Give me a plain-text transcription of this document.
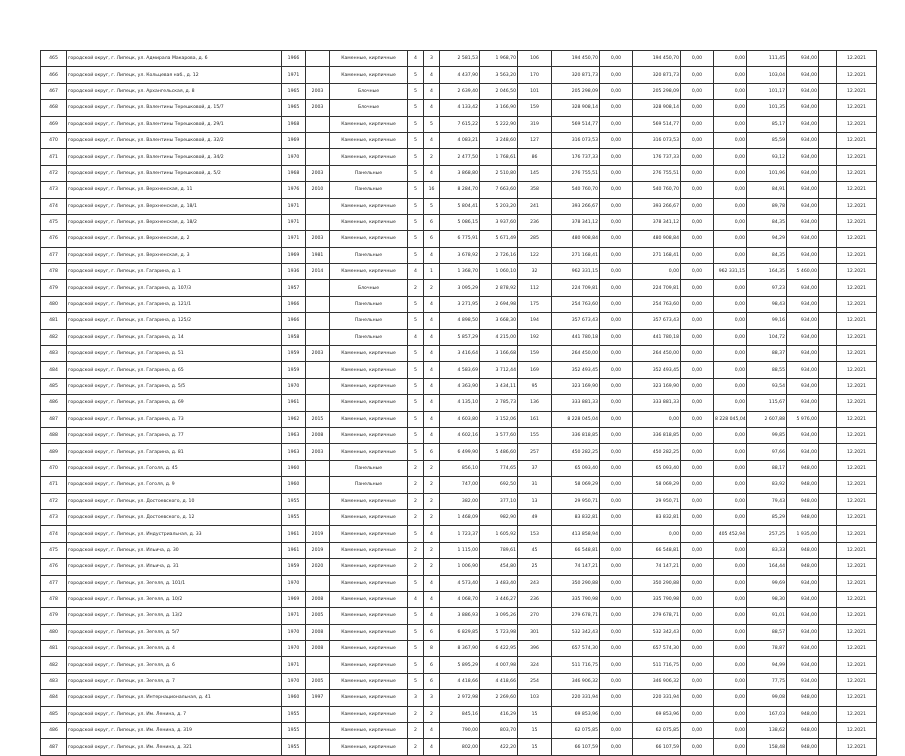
465	городской округ, г. Липецк, ул. Адмирала Макарова, д. 6	1966		Каменные, кирпичные	4	3	2 581,53	1 968,70	106	194 450,70	0,00	194 450,70	0,00	0,00	111,45	934,00		12.2021
466	городской округ, г. Липецк, ул. Кольцевая наб., д. 12	1971		Каменные, кирпичные	5	4	4 437,90	3 563,20	170	320 871,73	0,00	320 871,73	0,00	0,00	103,04	934,00		12.2021
467	городской округ, г. Липецк, ул. Архангельская, д. 8	1965	2003	Блочные	5	4	2 639,40	2 046,50	101	205 298,09	0,00	205 298,09	0,00	0,00	101,17	934,00		12.2021
468	городской округ, г. Липецк, ул. Валентины Терешковой, д. 15/7	1965	2003	Блочные	5	4	4 133,42	3 166,90	159	328 908,14	0,00	328 908,14	0,00	0,00	101,35	934,00		12.2021
469	городской округ, г. Липецк, ул. Валентины Терешковой, д. 29/1	1968		Каменные, кирпичные	5	5	7 615,22	5 222,90	319	569 514,77	0,00	569 514,77	0,00	0,00	85,17	934,00		12.2021
470	городской округ, г. Липецк, ул. Валентины Терешковой, д. 32/2	1969		Каменные, кирпичные	5	4	4 083,21	3 248,60	127	316 073,53	0,00	316 073,53	0,00	0,00	85,59	934,00		12.2021
471	городской округ, г. Липецк, ул. Валентины Терешковой, д. 34/2	1970		Каменные, кирпичные	5	2	2 477,50	1 768,61	86	176 737,33	0,00	176 737,33	0,00	0,00	93,12	934,00		12.2021
472	городской округ, г. Липецк, ул. Валентины Терешковой, д. 5/2	1968	2003	Панельные	5	4	3 868,80	2 510,80	145	276 755,51	0,00	276 755,51	0,00	0,00	101,96	934,00		12.2021
473	городской округ, г. Липецк, ул. Верхненская, д. 11	1976	2010	Панельные	5	16	8 284,70	7 663,60	358	540 760,70	0,00	540 760,70	0,00	0,00	84,91	934,00		12.2021
474	городской округ, г. Липецк, ул. Верхненская, д. 18/1	1971		Каменные, кирпичные	5	5	5 804,41	5 203,20	241	393 266,67	0,00	393 266,67	0,00	0,00	89,78	934,00		12.2021
475	городской округ, г. Липецк, ул. Верхненская, д. 18/2	1971		Каменные, кирпичные	5	6	5 086,15	3 937,60	236	378 341,12	0,00	378 341,12	0,00	0,00	84,35	934,00		12.2021
476	городской округ, г. Липецк, ул. Верхненская, д. 2	1971	2003	Каменные, кирпичные	5	6	6 775,91	5 671,49	285	480 908,84	0,00	480 908,84	0,00	0,00	94,29	934,00		12.2021
477	городской округ, г. Липецк, ул. Верхненская, д. 3	1969	1981	Панельные	5	4	3 678,92	2 726,16	122	271 168,41	0,00	271 168,41	0,00	0,00	84,35	934,00		12.2021
478	городской округ, г. Липецк, ул. Гагарина, д. 1	1936	2014	Каменные, кирпичные	4	1	1 368,70	1 060,10	32	962 331,15	0,00	0,00	0,00	962 331,15	164,35	5 460,00		12.2021
479	городской округ, г. Липецк, ул. Гагарина, д. 107/3	1957		Блочные	2	2	3 095,29	2 878,92	112	224 709,81	0,00	224 709,81	0,00	0,00	97,23	934,00		12.2021
480	городской округ, г. Липецк, ул. Гагарина, д. 121/1	1966		Панельные	5	4	3 271,95	2 694,98	175	254 763,60	0,00	254 763,60	0,00	0,00	98,43	934,00		12.2021
481	городской округ, г. Липецк, ул. Гагарина, д. 125/2	1966		Панельные	5	4	4 898,50	3 668,30	194	357 673,43	0,00	357 673,43	0,00	0,00	99,16	934,00		12.2021
482	городской округ, г. Липецк, ул. Гагарина, д. 14	1958		Панельные	4	4	5 857,29	4 215,00	192	441 780,18	0,00	441 780,18	0,00	0,00	104,72	934,00		12.2021
483	городской округ, г. Липецк, ул. Гагарина, д. 51	1959	2003	Каменные, кирпичные	5	4	3 416,64	3 166,68	159	264 450,00	0,00	264 450,00	0,00	0,00	88,37	934,00		12.2021
484	городской округ, г. Липецк, ул. Гагарина, д. 65	1959		Каменные, кирпичные	5	4	4 583,69	3 712,44	169	352 493,45	0,00	352 493,45	0,00	0,00	88,55	934,00		12.2021
485	городской округ, г. Липецк, ул. Гагарина, д. 5/5	1970		Каменные, кирпичные	5	4	4 363,90	3 434,11	95	323 169,90	0,00	323 169,90	0,00	0,00	93,54	934,00		12.2021
486	городской округ, г. Липецк, ул. Гагарина, д. 69	1961		Каменные, кирпичные	5	4	4 135,10	2 785,73	136	333 881,33	0,00	333 881,33	0,00	0,00	115,67	934,00		12.2021
487	городской округ, г. Липецк, ул. Гагарина, д. 73	1962	2015	Каменные, кирпичные	5	4	4 603,80	3 152,06	161	8 228 045,04	0,00	0,00	0,00	8 228 045,04	2 607,88	5 976,00		12.2021
488	городской округ, г. Липецк, ул. Гагарина, д. 77	1963	2008	Каменные, кирпичные	5	4	4 602,16	3 577,60	155	336 818,85	0,00	336 818,85	0,00	0,00	99,85	934,00		12.2021
489	городской округ, г. Липецк, ул. Гагарина, д. 81	1963	2003	Каменные, кирпичные	5	6	6 499,90	5 486,60	257	450 282,25	0,00	450 282,25	0,00	0,00	97,66	934,00		12.2021
470	городской округ, г. Липецк, ул. Гоголя, д. 45	1960		Панельные	2	2	856,10	774,65	37	65 093,40	0,00	65 093,40	0,00	0,00	88,17	948,00		12.2021
471	городской округ, г. Липецк, ул. Гоголя, д. 9	1960		Панельные	2	2	747,00	692,50	31	58 069,29	0,00	58 069,29	0,00	0,00	83,92	948,00		12.2021
472	городской округ, г. Липецк, ул. Достоевского, д. 10	1955		Каменные, кирпичные	2	2	382,00	377,10	13	29 950,71	0,00	29 950,71	0,00	0,00	79,43	948,00		12.2021
473	городской округ, г. Липецк, ул. Достоевского, д. 12	1955		Каменные, кирпичные	2	2	1 468,09	982,90	49	83 832,81	0,00	83 832,81	0,00	0,00	85,29	948,00		12.2021
474	городской округ, г. Липецк, ул. Индустриальная, д. 33	1961	2019	Каменные, кирпичные	5	4	1 723,37	1 605,92	153	413 858,94	0,00	0,00	0,00	405 452,94	257,25	1 935,00		12.2021
475	городской округ, г. Липецк, ул. Ильича, д. 30	1961	2019	Каменные, кирпичные	2	2	1 115,00	789,61	45	66 548,81	0,00	66 548,81	0,00	0,00	83,33	948,00		12.2021
476	городской округ, г. Липецк, ул. Ильича, д. 31	1959	2020	Каменные, кирпичные	2	2	1 006,90	454,80	25	74 147,21	0,00	74 147,21	0,00	0,00	164,44	948,00		12.2021
477	городской округ, г. Липецк, ул. Зегеля, д. 101/1	1970		Каменные, кирпичные	5	4	4 573,40	3 483,40	243	350 290,88	0,00	350 290,88	0,00	0,00	99,69	934,00		12.2021
478	городской округ, г. Липецк, ул. Зегеля, д. 10/2	1969	2008	Каменные, кирпичные	4	4	4 068,70	3 446,27	236	335 790,98	0,00	335 790,98	0,00	0,00	98,30	934,00		12.2021
479	городской округ, г. Липецк, ул. Зегеля, д. 13/2	1971	2005	Каменные, кирпичные	5	4	3 886,93	3 095,26	270	279 678,71	0,00	279 678,71	0,00	0,00	91,01	934,00		12.2021
480	городской округ, г. Липецк, ул. Зегеля, д. 5/7	1970	2008	Каменные, кирпичные	5	6	6 829,85	5 723,98	301	532 342,43	0,00	532 342,43	0,00	0,00	88,57	934,00		12.2021
481	городской округ, г. Липецк, ул. Зегеля, д. 4	1970	2008	Каменные, кирпичные	5	8	8 367,90	6 422,95	396	657 574,30	0,00	657 574,30	0,00	0,00	78,87	934,00		12.2021
482	городской округ, г. Липецк, ул. Зегеля, д. 6	1971		Каменные, кирпичные	5	6	5 895,29	4 007,98	324	511 716,75	0,00	511 716,75	0,00	0,00	94,99	934,00		12.2021
483	городской округ, г. Липецк, ул. Зегеля, д. 7	1970	2005	Каменные, кирпичные	5	6	4 418,66	4 418,66	254	346 906,32	0,00	346 906,32	0,00	0,00	77,75	934,00		12.2021
484	городской округ, г. Липецк, ул. Интернациональная, д. 41	1960	1997	Каменные, кирпичные	3	3	2 972,98	2 269,60	103	220 331,94	0,00	220 331,94	0,00	0,00	99,08	948,00		12.2021
485	городской округ, г. Липецк, ул. Им. Ленина, д. 7	1955		Каменные, кирпичные	2	2	845,16	416,29	15	69 853,96	0,00	69 853,96	0,00	0,00	167,03	948,00		12.2021
486	городской округ, г. Липецк, ул. Им. Ленина, д. 319	1955		Каменные, кирпичные	2	4	790,00	803,70	15	62 075,85	0,00	62 075,85	0,00	0,00	138,62	948,00		12.2021
487	городской округ, г. Липецк, ул. Им. Ленина, д. 321	1955		Каменные, кирпичные	2	4	802,00	422,20	15	66 107,59	0,00	66 107,59	0,00	0,00	158,48	948,00		12.2021
